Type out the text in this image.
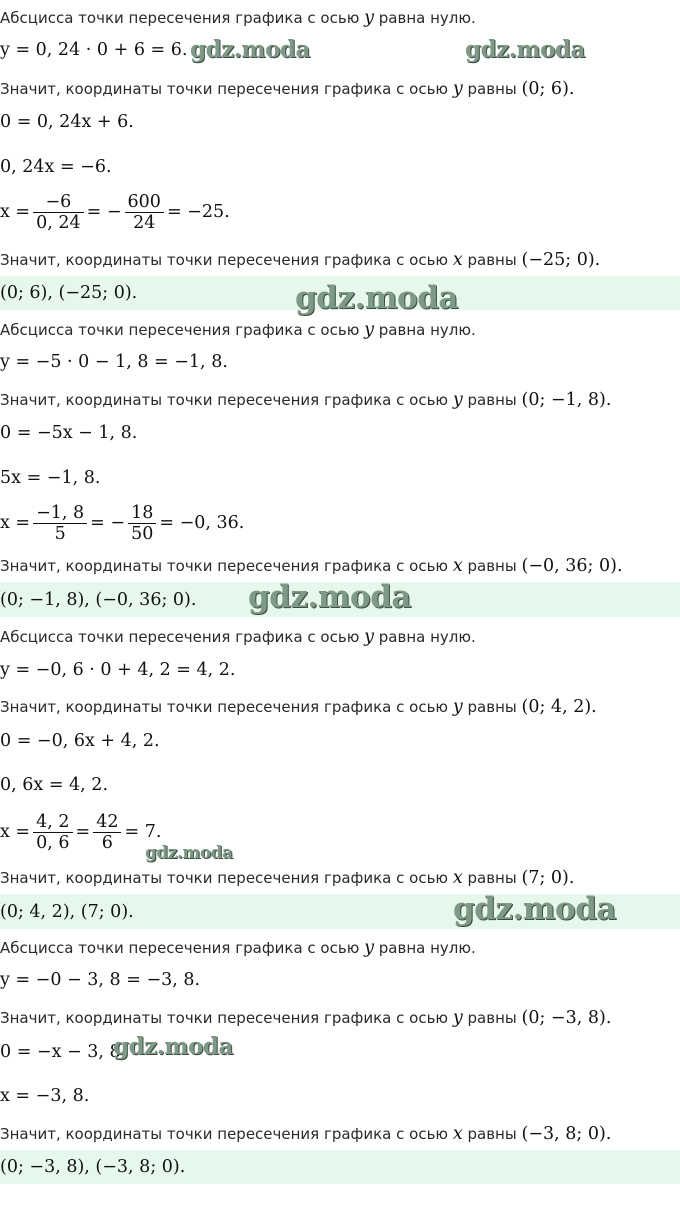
Абсцисса точки пересечения графика с осью y равна нулю.
y = 0, 24 · 0 + 6 = 6.
Значит, координаты точки пересечения графика с осью y равны (0; 6).
0 = 0, 24x + 6.
0, 24x = −6.
$x = \frac{-6}{0, 24}$ = − $\frac{600}{24} = -25$.
Значит, координаты точки пересечения графика с осью x равны (−25; 0).
(0; 6), (−25; 0).
Абсцисса точки пересечения графика с осью y равна нулю.
y = −5 · 0 − 1, 8 = −1, 8.
Значит, координаты точки пересечения графика с осью y равны (0; −1, 8).
0 = −5x − 1, 8.
5x = −1, 8.
$x = \frac{-1, 8}{5}$ = − $\frac{18}{50} = -0$, 36.
Значит, координаты точки пересечения графика с осью x равны (−0, 36; 0).
(0; −1, 8), (−0, 36; 0).
Абсцисса точки пересечения графика с осью y равна нулю.
y = −0, 6 · 0 + 4, 2 = 4, 2.
Значит, координаты точки пересечения графика с осью y равны (0; 4, 2).
0 = −0, 6x + 4, 2.
0, 6x = 4, 2.
$x = \frac{4, 2}{0, 6} = \frac{42}{6} = 7$.
Значит, координаты точки пересечения графика с осью x равны (7; 0).
(0; 4, 2), (7; 0).
Абсцисса точки пересечения графика с осью y равна нулю.
y = −0 − 3, 8 = −3, 8.
Значит, координаты точки пересечения графика с осью y равны (0; −3, 8).
0 = −x − 3, 8.
x = −3, 8.
Значит, координаты точки пересечения графика с осью x равны (−3, 8; 0).
(0; −3, 8), (−3, 8; 0).
gdz.moda	gdz.moda
gdz.moda
gdz.moda
gdz.moda
gdz.moda
gdz.moda
